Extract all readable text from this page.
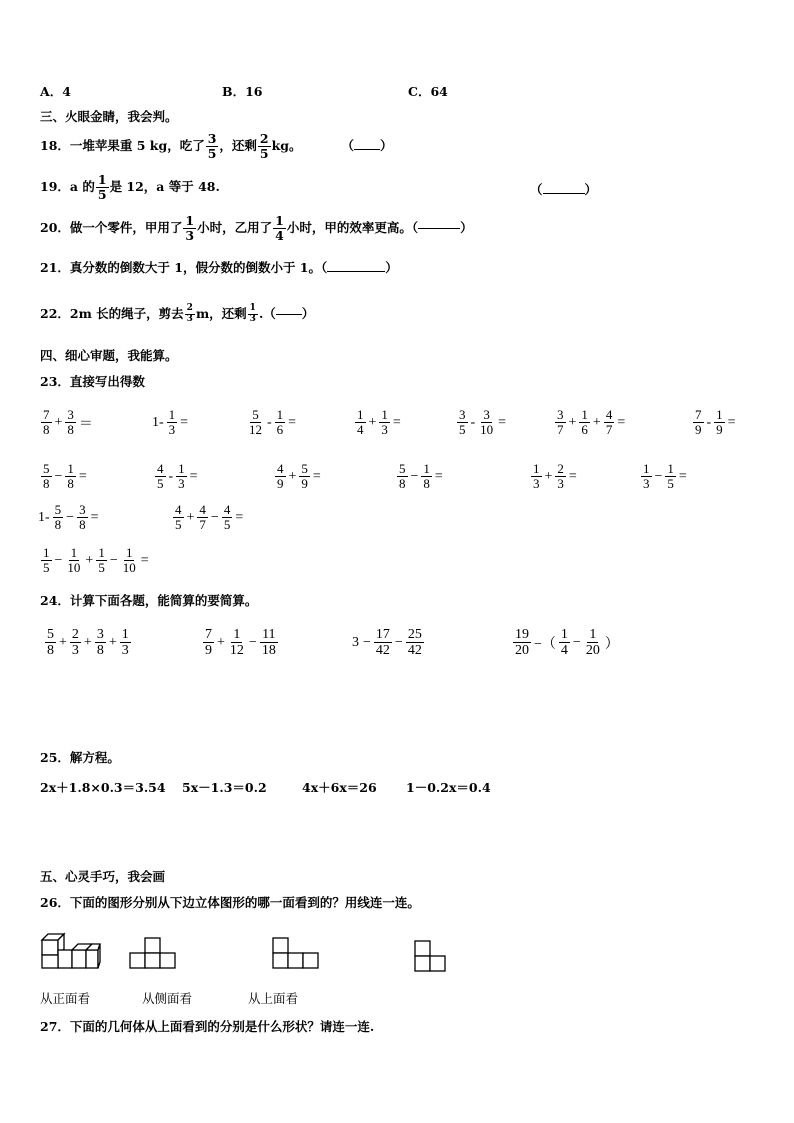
A．4	B．16	C．64
三、火眼金睛，我会判。
18．一堆苹果重 5 kg，吃了 $\frac{3}{5}$ ，还剩 $\frac{2}{5}$ kg。	（ ）
19．a 的 $\frac{1}{5}$ 是 12，a 等于 48.	（	）
20．做一个零件，甲用了 $\frac{1}{3}$ 小时，乙用了 $\frac{1}{4}$ 小时，甲的效率更高。（	）
21．真分数的倒数大于 1，假分数的倒数小于 1。（	）
22．2m 长的绳子，剪去 $\frac{2}{3}$ m，还剩 $\frac{1}{3}$ .（ ）
四、细心审题，我能算。
23．直接写出得数
$\frac{7}{8} + \frac{3}{8}$ ＝	$1- \frac{1}{3}$ =	$\frac{5}{12} - \frac{1}{6}$ =	$\frac{1}{4} + \frac{1}{3}$ =	$\frac{3}{5} - \frac{3}{10}$ =	$\frac{3}{7} + \frac{1}{6} + \frac{4}{7}$ =	$\frac{7}{9} - \frac{1}{9}$ =
$\frac{5}{8} - \frac{1}{8}$ =	$\frac{4}{5} - \frac{1}{3}$ =	$\frac{4}{9} + \frac{5}{9}$ =	$\frac{5}{8} - \frac{1}{8}$ =	$\frac{1}{3} + \frac{2}{3}$ =	$\frac{1}{3} - \frac{1}{5}$ =
$1- \frac{5}{8} - \frac{3}{8}$ =	$\frac{4}{5} + \frac{4}{7} - \frac{4}{5}$ =
$\frac{1}{5} - \frac{1}{10} + \frac{1}{5} - \frac{1}{10}$ =
24．计算下面各题，能简算的要简算。
$\frac{5}{8} + \frac{2}{3} + \frac{3}{8} + \frac{1}{3}$	$\frac{7}{9} + \frac{1}{12} - \frac{11}{18}$	$3 - \frac{17}{42} - \frac{25}{42}$	$\frac{19}{20}$ −（ $\frac{1}{4} - \frac{1}{20}$ ）
25．解方程。
2x＋1.8×0.3＝3.54 5x－1.3＝0.2	4x＋6x＝26 1－0.2x＝0.4
五、心灵手巧，我会画
26．下面的图形分别从下边立体图形的哪一面看到的？用线连一连。
从正面看	从侧面看	从上面看
27．下面的几何体从上面看到的分别是什么形状？请连一连.
